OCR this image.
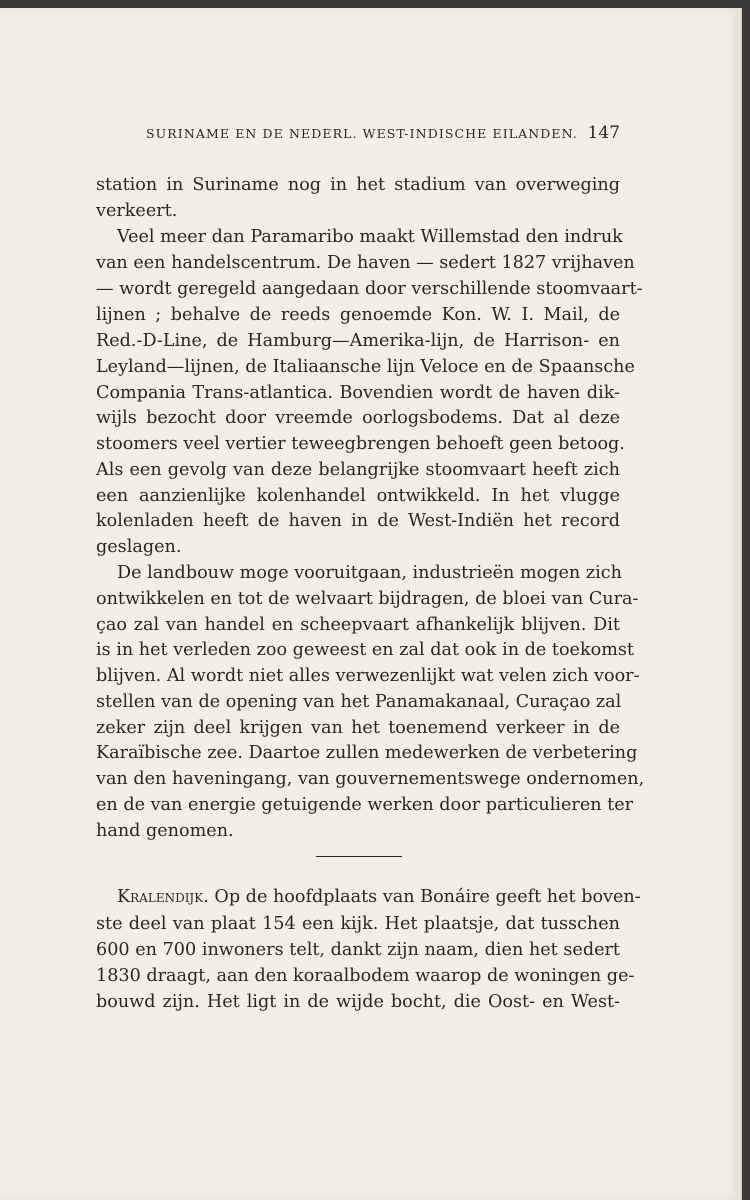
SURINAME EN DE NEDERL. WEST-INDISCHE EILANDEN. 147
station in Suriname nog in het stadium van overweging
verkeert.
Veel meer dan Paramaribo maakt Willemstad den indruk
van een handelscentrum. De haven — sedert 1827 vrijhaven
— wordt geregeld aangedaan door verschillende stoomvaart-
lijnen ; behalve de reeds genoemde Kon. W. I. Mail, de
Red.-D-Line, de Hamburg—Amerika-lijn, de Harrison- en
Leyland—lijnen, de Italiaansche lijn Veloce en de Spaansche
Compania Trans-atlantica. Bovendien wordt de haven dik-
wijls bezocht door vreemde oorlogsbodems. Dat al deze
stoomers veel vertier teweegbrengen behoeft geen betoog.
Als een gevolg van deze belangrijke stoomvaart heeft zich
een aanzienlijke kolenhandel ontwikkeld. In het vlugge
kolenladen heeft de haven in de West-Indiën het record
geslagen.
De landbouw moge vooruitgaan, industrieën mogen zich
ontwikkelen en tot de welvaart bijdragen, de bloei van Cura-
çao zal van handel en scheepvaart afhankelijk blijven. Dit
is in het verleden zoo geweest en zal dat ook in de toekomst
blijven. Al wordt niet alles verwezenlijkt wat velen zich voor-
stellen van de opening van het Panamakanaal, Curaçao zal
zeker zijn deel krijgen van het toenemend verkeer in de
Karaïbische zee. Daartoe zullen medewerken de verbetering
van den haveningang, van gouvernementswege ondernomen,
en de van energie getuigende werken door particulieren ter
hand genomen.
Kralendijk. Op de hoofdplaats van Bonáire geeft het boven-
ste deel van plaat 154 een kijk. Het plaatsje, dat tusschen
600 en 700 inwoners telt, dankt zijn naam, dien het sedert
1830 draagt, aan den koraalbodem waarop de woningen ge-
bouwd zijn. Het ligt in de wijde bocht, die Oost- en West-
